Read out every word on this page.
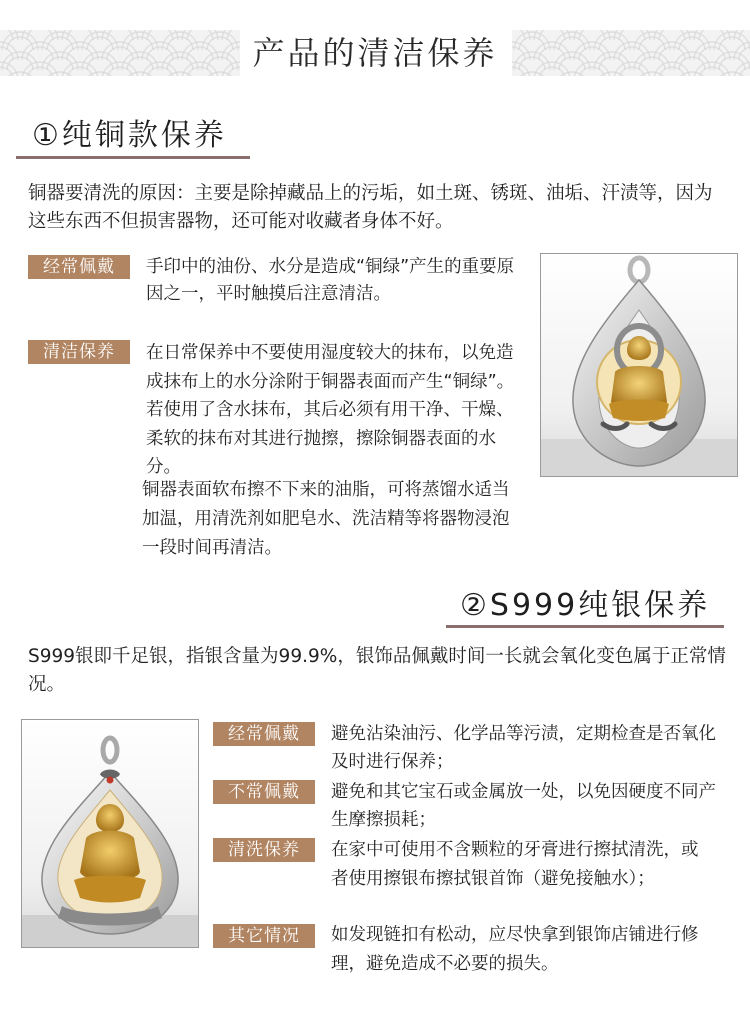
产品的清洁保养
①纯铜款保养
铜器要清洗的原因：主要是除掉藏品上的污垢，如土斑、锈斑、油垢、汗渍等，因为这些东西不但损害器物，还可能对收藏者身体不好。
经常佩戴	手印中的油份、水分是造成“铜绿”产生的重要原因之一，平时触摸后注意清洁。
清洁保养	在日常保养中不要使用湿度较大的抹布，以免造成抹布上的水分涂附于铜器表面而产生“铜绿”。若使用了含水抹布，其后必须有用干净、干燥、柔软的抹布对其进行抛擦，擦除铜器表面的水分。
铜器表面软布擦不下来的油脂，可将蒸馏水适当加温，用清洗剂如肥皂水、洗洁精等将器物浸泡一段时间再清洁。
②S999纯银保养
S999银即千足银，指银含量为99.9%，银饰品佩戴时间一长就会氧化变色属于正常情况。
经常佩戴	避免沾染油污、化学品等污渍，定期检查是否氧化及时进行保养；
不常佩戴	避免和其它宝石或金属放一处，以免因硬度不同产生摩擦损耗；
清洗保养	在家中可使用不含颗粒的牙膏进行擦拭清洗，或者使用擦银布擦拭银首饰（避免接触水）；
其它情况	如发现链扣有松动，应尽快拿到银饰店铺进行修理，避免造成不必要的损失。
